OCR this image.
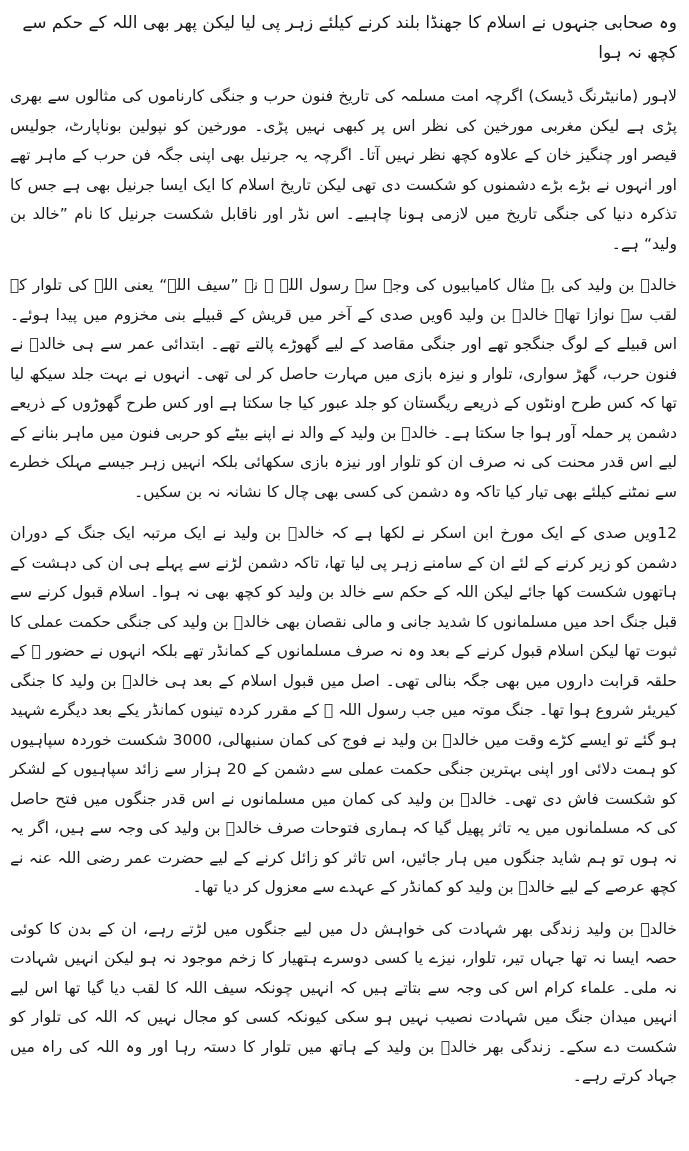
وہ صحابی جنہوں نے اسلام کا جھنڈا بلند کرنے کیلئے زہر پی لیا لیکن پھر بھی اللہ کے حکم سے کچھ نہ ہوا

لاہور (مانیٹرنگ ڈیسک) اگرچہ امت مسلمہ کی تاریخ فنون حرب و جنگی کارناموں کی مثالوں سے بھری پڑی ہے لیکن مغربی مورخین کی نظر اس پر کبھی نہیں پڑی۔ مورخین کو نپولین بوناپارٹ، جولیس قیصر اور چنگیز خان کے علاوہ کچھ نظر نہیں آتا۔ اگرچہ یہ جرنیل بھی اپنی جگہ فن حرب کے ماہر تھے اور انہوں نے بڑے بڑے دشمنوں کو شکست دی تھی لیکن تاریخ اسلام کا ایک ایسا جرنیل بھی ہے جس کا تذکرہ دنیا کی جنگی تاریخ میں لازمی ہونا چاہیے۔ اس نڈر اور ناقابل شکست جرنیل کا نام ”خالد بن ولید“ ہے۔

خالدؓ بن ولید کی بے مثال کامیابیوں کی وجہ سے رسول اللہ ﷺ نے ”سیف اللہ“ یعنی اللہ کی تلوار کے لقب سے نوازا تھا۔ خالدؓ بن ولید 6ویں صدی کے آخر میں قریش کے قبیلے بنی مخزوم میں پیدا ہوئے۔ اس قبیلے کے لوگ جنگجو تھے اور جنگی مقاصد کے لیے گھوڑے پالتے تھے۔ ابتدائی عمر سے ہی خالدؓ نے فنون حرب، گھڑ سواری، تلوار و نیزہ بازی میں مہارت حاصل کر لی تھی۔ انہوں نے بہت جلد سیکھ لیا تھا کہ کس طرح اونٹوں کے ذریعے ریگستان کو جلد عبور کیا جا سکتا ہے اور کس طرح گھوڑوں کے ذریعے دشمن پر حملہ آور ہوا جا سکتا ہے۔ خالدؓ بن ولید کے والد نے اپنے بیٹے کو حربی فنون میں ماہر بنانے کے لیے اس قدر محنت کی نہ صرف ان کو تلوار اور نیزہ بازی سکھائی بلکہ انہیں زہر جیسے مہلک خطرے سے نمٹنے کیلئے بھی تیار کیا تاکہ وہ دشمن کی کسی بھی چال کا نشانہ نہ بن سکیں۔

12ویں صدی کے ایک مورخ ابن اسکر نے لکھا ہے کہ خالدؓ بن ولید نے ایک مرتبہ ایک جنگ کے دوران دشمن کو زیر کرنے کے لئے ان کے سامنے زہر پی لیا تھا، تاکہ دشمن لڑنے سے پہلے ہی ان کی دہشت کے ہاتھوں شکست کھا جائے لیکن اللہ کے حکم سے خالد بن ولید کو کچھ بھی نہ ہوا۔ اسلام قبول کرنے سے قبل جنگ احد میں مسلمانوں کا شدید جانی و مالی نقصان بھی خالدؓ بن ولید کی جنگی حکمت عملی کا ثبوت تھا لیکن اسلام قبول کرنے کے بعد وہ نہ صرف مسلمانوں کے کمانڈر تھے بلکہ انہوں نے حضور ﷺ کے حلقہ قرابت داروں میں بھی جگہ بنالی تھی۔ اصل میں قبول اسلام کے بعد ہی خالدؓ بن ولید کا جنگی کیریئر شروع ہوا تھا۔ جنگ موتہ میں جب رسول اللہ ﷺ کے مقرر کردہ تینوں کمانڈر یکے بعد دیگرے شہید ہو گئے تو ایسے کڑے وقت میں خالدؓ بن ولید نے فوج کی کمان سنبھالی، 3000 شکست خوردہ سپاہیوں کو ہمت دلائی اور اپنی بہترین جنگی حکمت عملی سے دشمن کے 20 ہزار سے زائد سپاہیوں کے لشکر کو شکست فاش دی تھی۔ خالدؓ بن ولید کی کمان میں مسلمانوں نے اس قدر جنگوں میں فتح حاصل کی کہ مسلمانوں میں یہ تاثر پھیل گیا کہ ہماری فتوحات صرف خالدؓ بن ولید کی وجہ سے ہیں، اگر یہ نہ ہوں تو ہم شاید جنگوں میں ہار جائیں، اس تاثر کو زائل کرنے کے لیے حضرت عمر رضی اللہ عنہ نے کچھ عرصے کے لیے خالدؓ بن ولید کو کمانڈر کے عہدے سے معزول کر دیا تھا۔

خالدؓ بن ولید زندگی بھر شہادت کی خواہش دل میں لیے جنگوں میں لڑتے رہے، ان کے بدن کا کوئی حصہ ایسا نہ تھا جہاں تیر، تلوار، نیزے یا کسی دوسرے ہتھیار کا زخم موجود نہ ہو لیکن انہیں شہادت نہ ملی۔ علماء کرام اس کی وجہ سے بتاتے ہیں کہ انہیں چونکہ سیف اللہ کا لقب دیا گیا تھا اس لیے انہیں میدان جنگ میں شہادت نصیب نہیں ہو سکی کیونکہ کسی کو مجال نہیں کہ اللہ کی تلوار کو شکست دے سکے۔ زندگی بھر خالدؓ بن ولید کے ہاتھ میں تلوار کا دستہ رہا اور وہ اللہ کی راہ میں جہاد کرتے رہے۔
